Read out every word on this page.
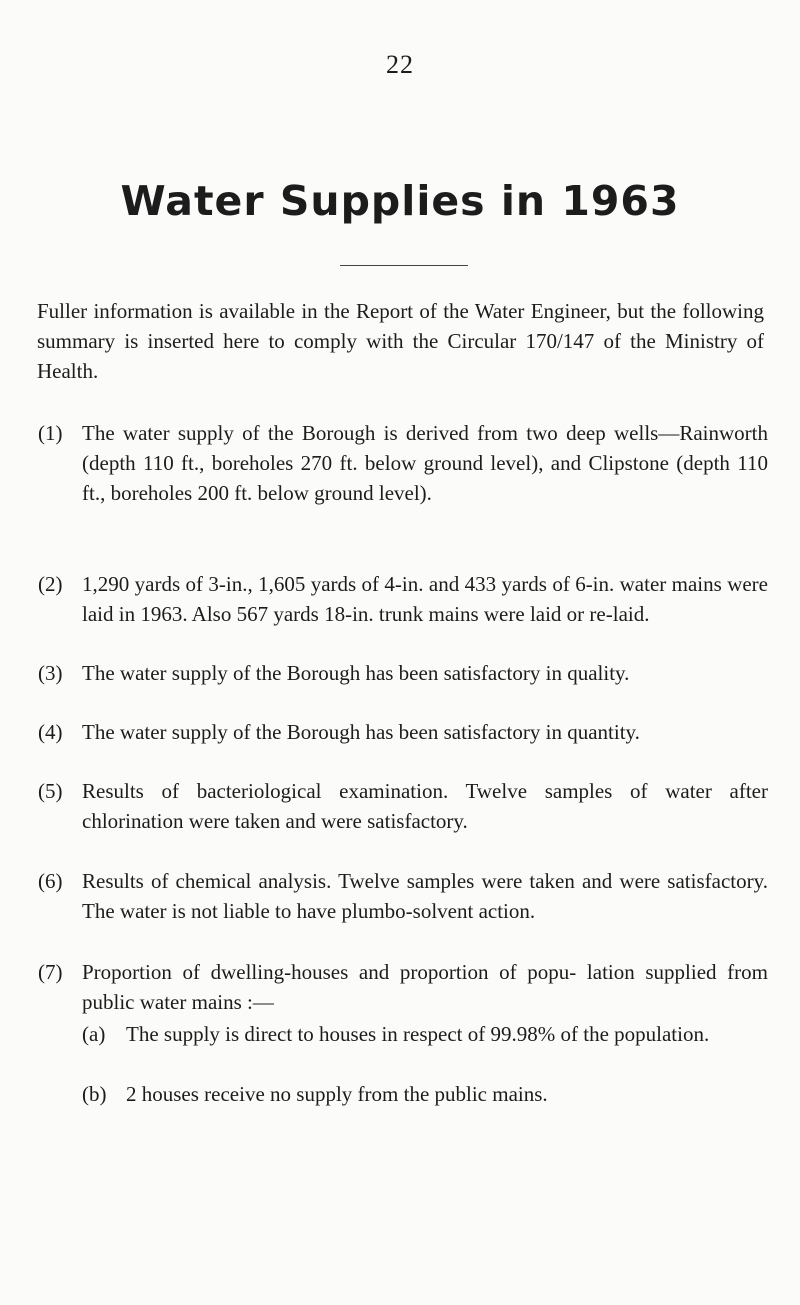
22
Water Supplies in 1963

Fuller information is available in the Report of the Water Engineer, but the following summary is inserted here to comply with the Circular 170/147 of the Ministry of Health.

(1) The water supply of the Borough is derived from two deep wells—Rainworth (depth 110 ft., boreholes 270 ft. below ground level), and Clipstone (depth 110 ft., boreholes 200 ft. below ground level).
(2) 1,290 yards of 3-in., 1,605 yards of 4-in. and 433 yards of 6-in. water mains were laid in 1963. Also 567 yards 18-in. trunk mains were laid or re-laid.
(3) The water supply of the Borough has been satisfactory in quality.
(4) The water supply of the Borough has been satisfactory in quantity.
(5) Results of bacteriological examination. Twelve samples of water after chlorination were taken and were satisfactory.
(6) Results of chemical analysis. Twelve samples were taken and were satisfactory. The water is not liable to have plumbo-solvent action.
(7) Proportion of dwelling-houses and proportion of popu- lation supplied from public water mains :—
(a) The supply is direct to houses in respect of 99.98% of the population.
(b) 2 houses receive no supply from the public mains.
